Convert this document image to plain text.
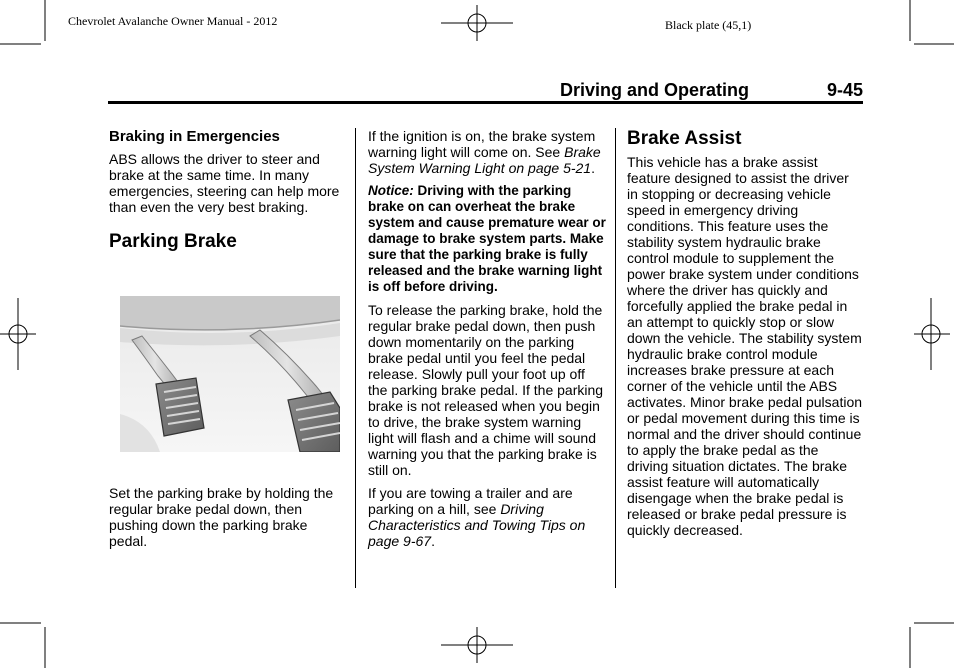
Chevrolet Avalanche Owner Manual - 2012	Black plate (45,1)
Driving and Operating	9-45
Braking in Emergencies

ABS allows the driver to steer and brake at the same time. In many emergencies, steering can help more than even the very best braking.

Parking Brake
Set the parking brake by holding the regular brake pedal down, then pushing down the parking brake pedal.

If the ignition is on, the brake system warning light will come on. See Brake System Warning Light on page 5-21.

Notice: Driving with the parking brake on can overheat the brake system and cause premature wear or damage to brake system parts. Make sure that the parking brake is fully released and the brake warning light is off before driving.

To release the parking brake, hold the regular brake pedal down, then push down momentarily on the parking brake pedal until you feel the pedal release. Slowly pull your foot up off the parking brake pedal. If the parking brake is not released when you begin to drive, the brake system warning light will flash and a chime will sound warning you that the parking brake is still on.

If you are towing a trailer and are parking on a hill, see Driving Characteristics and Towing Tips on page 9-67.

Brake Assist

This vehicle has a brake assist feature designed to assist the driver in stopping or decreasing vehicle speed in emergency driving conditions. This feature uses the stability system hydraulic brake control module to supplement the power brake system under conditions where the driver has quickly and forcefully applied the brake pedal in an attempt to quickly stop or slow down the vehicle. The stability system hydraulic brake control module increases brake pressure at each corner of the vehicle until the ABS activates. Minor brake pedal pulsation or pedal movement during this time is normal and the driver should continue to apply the brake pedal as the driving situation dictates. The brake assist feature will automatically disengage when the brake pedal is released or brake pedal pressure is quickly decreased.
